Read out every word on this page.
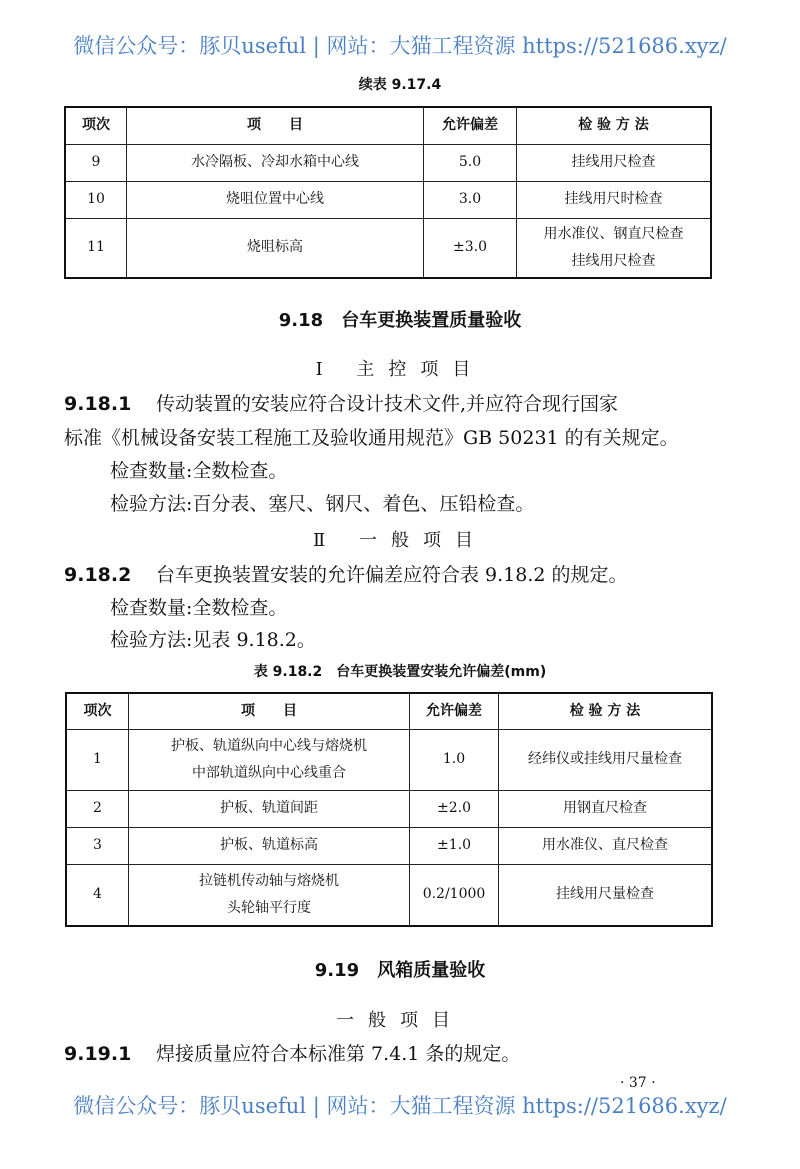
微信公众号：豚贝useful | 网站：大猫工程资源 https://521686.xyz/
续表 9.17.4
项次	项　　目	允许偏差	检 验 方 法
9	水冷隔板、冷却水箱中心线	5.0	挂线用尺检查
10	烧咀位置中心线	3.0	挂线用尺时检查
11	烧咀标高	±3.0	用水准仪、钢直尺检查
挂线用尺检查
9.18　台车更换装置质量验收
Ⅰ 主控项目
9.18.1 传动装置的安装应符合设计技术文件,并应符合现行国家
标准《机械设备安装工程施工及验收通用规范》GB 50231 的有关规定。
检查数量:全数检查。
检验方法:百分表、塞尺、钢尺、着色、压铅检查。
Ⅱ 一般项目
9.18.2 台车更换装置安装的允许偏差应符合表 9.18.2 的规定。
检查数量:全数检查。
检验方法:见表 9.18.2。
表 9.18.2　台车更换装置安装允许偏差(mm)
项次	项　　目	允许偏差	检 验 方 法
1	护板、轨道纵向中心线与熔烧机
中部轨道纵向中心线重合	1.0	经纬仪或挂线用尺量检查
2	护板、轨道间距	±2.0	用钢直尺检查
3	护板、轨道标高	±1.0	用水准仪、直尺检查
4	拉链机传动轴与熔烧机
头轮轴平行度	0.2/1000	挂线用尺量检查
9.19　风箱质量验收
一般项目
9.19.1 焊接质量应符合本标准第 7.4.1 条的规定。
· 37 ·
微信公众号：豚贝useful | 网站：大猫工程资源 https://521686.xyz/
